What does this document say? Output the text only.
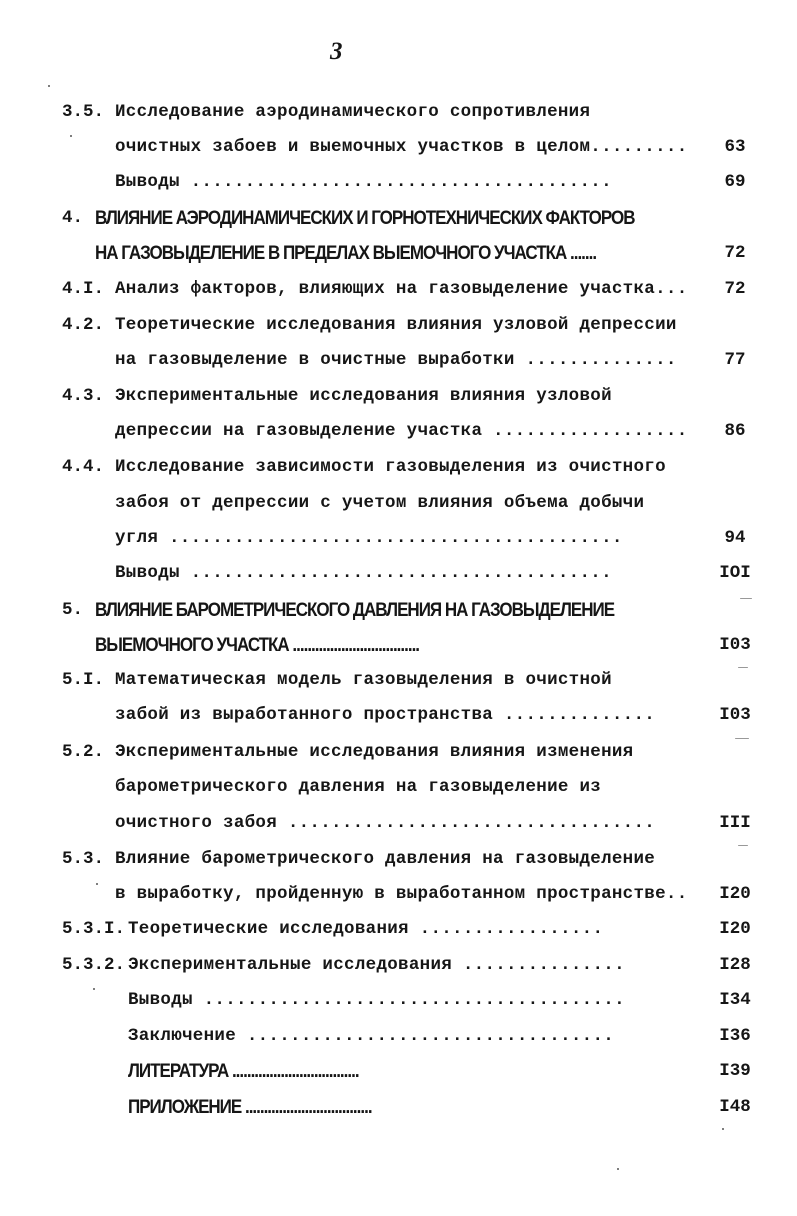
3
3.5. Исследование аэродинамического сопротивления
очистных забоев и выемочных участков в целом.........	63
Выводы .......................................	69
4. ВЛИЯНИЕ АЭРОДИНАМИЧЕСКИХ И ГОРНОТЕХНИЧЕСКИХ ФАКТОРОВ
НА ГАЗОВЫДЕЛЕНИЕ В ПРЕДЕЛАХ ВЫЕМОЧНОГО УЧАСТКА .......	72
4.I. Анализ факторов, влияющих на газовыделение участка...	72
4.2. Теоретические исследования влияния узловой депрессии
на газовыделение в очистные выработки ..............	77
4.3. Экспериментальные исследования влияния узловой
депрессии на газовыделение участка ..................	86
4.4. Исследование зависимости газовыделения из очистного
забоя от депрессии с учетом влияния объема добычи
угля ..........................................	94
Выводы .......................................	IOI
5. ВЛИЯНИЕ БАРОМЕТРИЧЕСКОГО ДАВЛЕНИЯ НА ГАЗОВЫДЕЛЕНИЕ
ВЫЕМОЧНОГО УЧАСТКА ..................................	I03
5.I. Математическая модель газовыделения в очистной
забой из выработанного пространства ..............	I03
5.2. Экспериментальные исследования влияния изменения
барометрического давления на газовыделение из
очистного забоя ..................................	III
5.3. Влияние барометрического давления на газовыделение
в выработку, пройденную в выработанном пространстве.. I20
5.3.I. Теоретические исследования .................	I20
5.3.2. Экспериментальные исследования ...............	I28
Выводы .......................................	I34
Заключение ..................................	I36
ЛИТЕРАТУРА ..................................	I39
ПРИЛОЖЕНИЕ ..................................	I48
